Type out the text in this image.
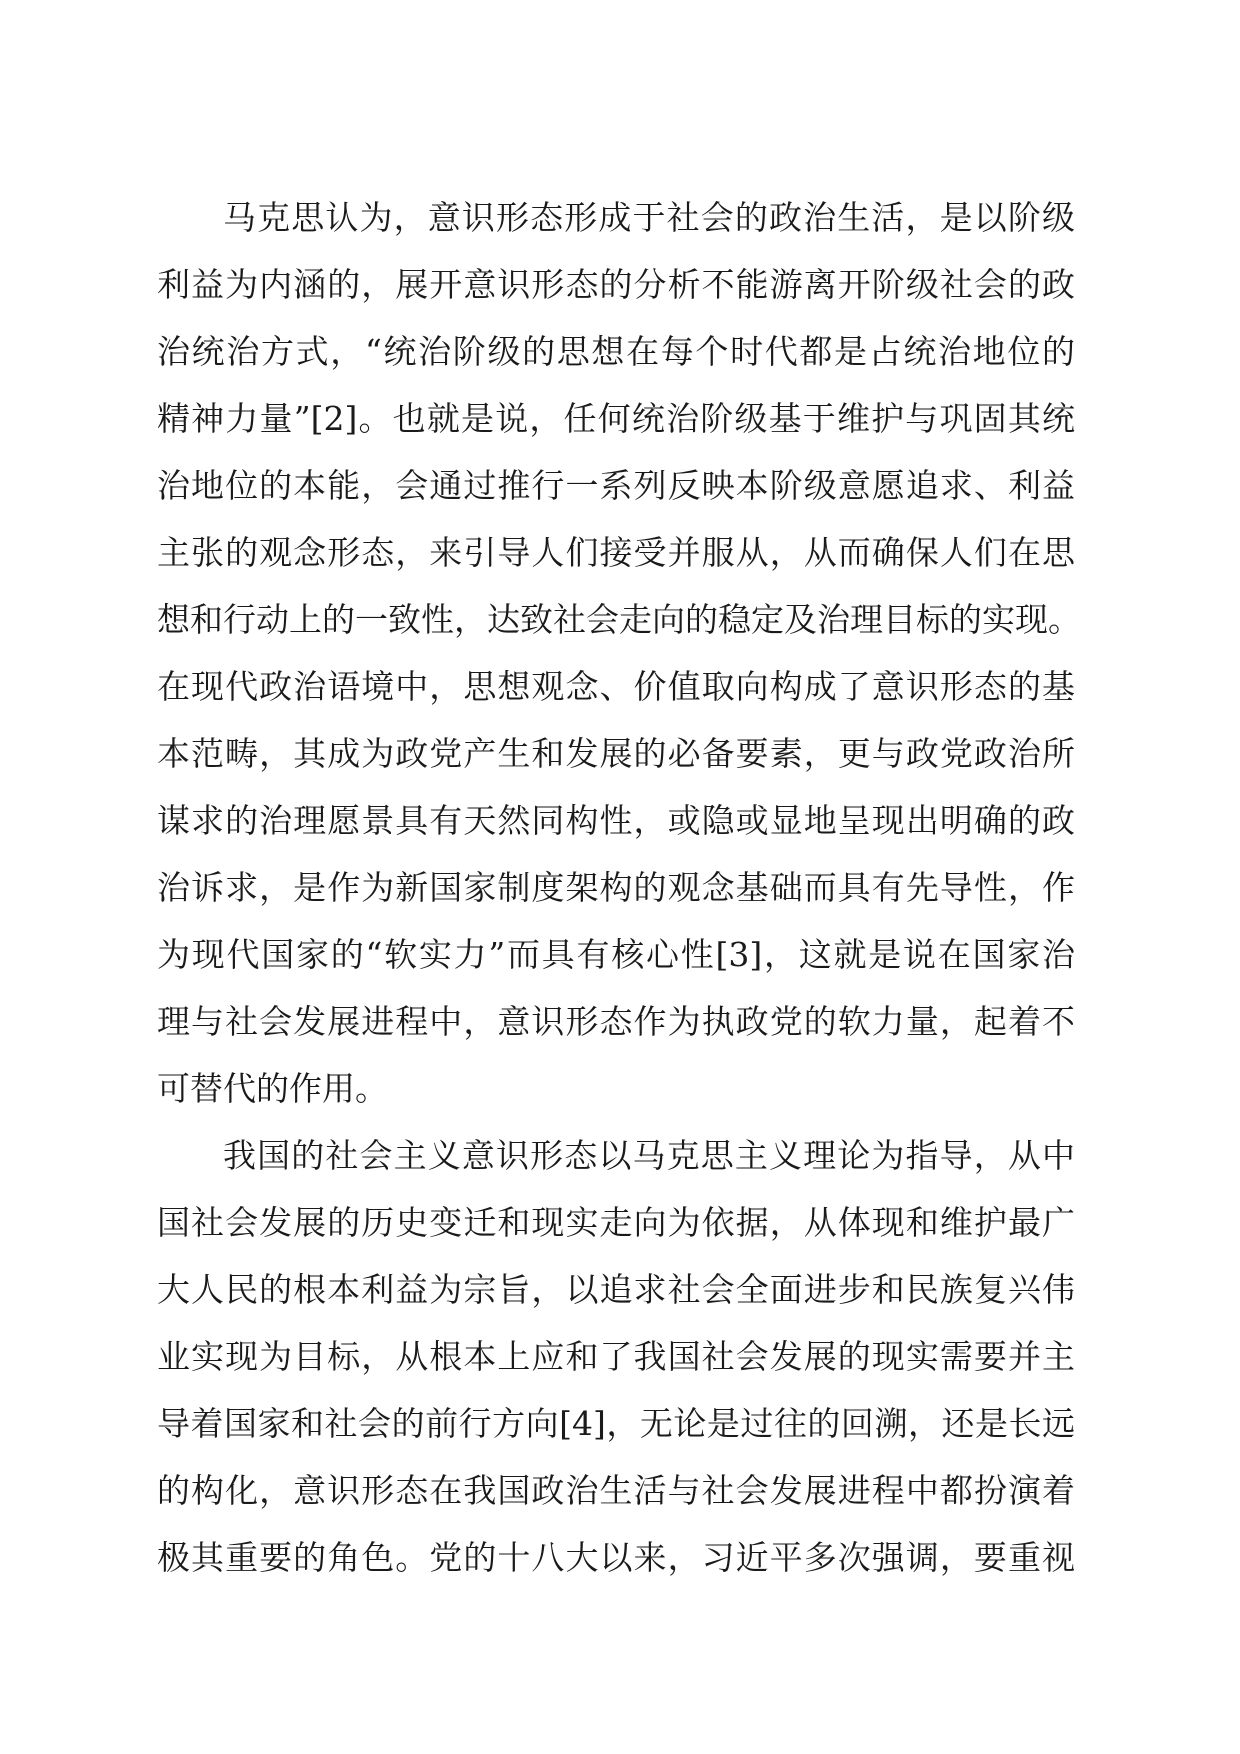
马克思认为，意识形态形成于社会的政治生活，是以阶级
利益为内涵的，展开意识形态的分析不能游离开阶级社会的政
治统治方式，“统治阶级的思想在每个时代都是占统治地位的
精神力量”[2]。也就是说，任何统治阶级基于维护与巩固其统
治地位的本能，会通过推行一系列反映本阶级意愿追求、利益
主张的观念形态，来引导人们接受并服从，从而确保人们在思
想和行动上的一致性，达致社会走向的稳定及治理目标的实现。
在现代政治语境中，思想观念、价值取向构成了意识形态的基
本范畴，其成为政党产生和发展的必备要素，更与政党政治所
谋求的治理愿景具有天然同构性，或隐或显地呈现出明确的政
治诉求，是作为新国家制度架构的观念基础而具有先导性，作
为现代国家的“软实力”而具有核心性[3]，这就是说在国家治
理与社会发展进程中，意识形态作为执政党的软力量，起着不
可替代的作用。
我国的社会主义意识形态以马克思主义理论为指导，从中
国社会发展的历史变迁和现实走向为依据，从体现和维护最广
大人民的根本利益为宗旨，以追求社会全面进步和民族复兴伟
业实现为目标，从根本上应和了我国社会发展的现实需要并主
导着国家和社会的前行方向[4]，无论是过往的回溯，还是长远
的构化，意识形态在我国政治生活与社会发展进程中都扮演着
极其重要的角色。党的十八大以来，习近平多次强调，要重视
